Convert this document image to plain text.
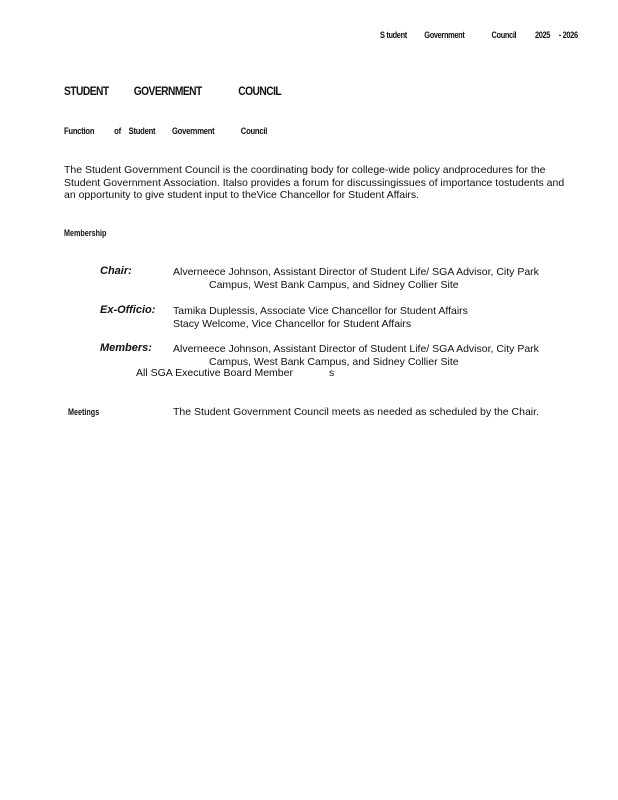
S tudent Government	Council 2025 - 2026
STUDENT GOVERNMENT	COUNCIL
Function of Student Government	Council
The Student Government Council is the coordinating body for college-wide policy andprocedures for the Student Government Association. Italso provides a forum for discussingissues of importance tostudents and an opportunity to give student input to theVice Chancellor for Student Affairs.
Membership
Chair:	Alverneece Johnson, Assistant Director of Student Life/ SGA Advisor, City Park
Campus, West Bank Campus, and Sidney Collier Site
Ex-Officio: Tamika Duplessis, Associate Vice Chancellor for Student Affairs
Stacy Welcome, Vice Chancellor for Student Affairs
Members: Alverneece Johnson, Assistant Director of Student Life/ SGA Advisor, City Park
Campus, West Bank Campus, and Sidney Collier Site
All SGA Executive Board Member	s
Meetings	The Student Government Council meets as needed as scheduled by the Chair.
